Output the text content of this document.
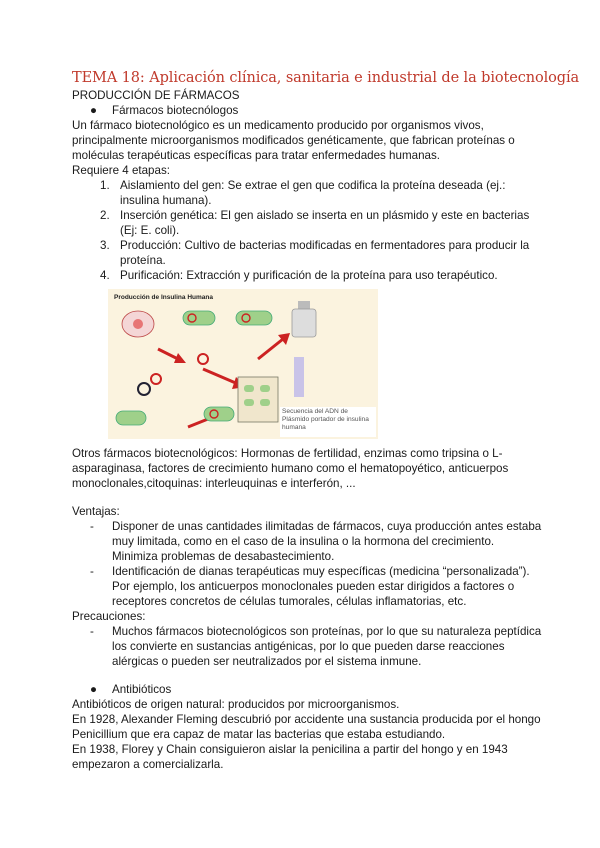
TEMA 18: Aplicación clínica, sanitaria e industrial de la biotecnología
PRODUCCIÓN DE FÁRMACOS
●	Fármacos biotecnólogos
Un fármaco biotecnológico es un medicamento producido por organismos vivos, principalmente microorganismos modificados genéticamente, que fabrican proteínas o moléculas terapéuticas específicas para tratar enfermedades humanas.
Requiere 4 etapas:
1. Aislamiento del gen: Se extrae el gen que codifica la proteína deseada (ej.: insulina humana).
2. Inserción genética: El gen aislado se inserta en un plásmido y este en bacterias (Ej: E. coli).
3. Producción: Cultivo de bacterias modificadas en fermentadores para producir la proteína.
4. Purificación: Extracción y purificación de la proteína para uso terapéutico.
Producción de Insulina Humana
Secuencia del ADN de Plásmido portador de insulina humana
Otros fármacos biotecnológicos: Hormonas de fertilidad, enzimas como tripsina o L-asparaginasa, factores de crecimiento humano como el hematopoyético, anticuerpos monoclonales,citoquinas: interleuquinas e interferón, ...
Ventajas:
-	Disponer de unas cantidades ilimitadas de fármacos, cuya producción antes estaba muy limitada, como en el caso de la insulina o la hormona del crecimiento. Minimiza problemas de desabastecimiento.
-	Identificación de dianas terapéuticas muy específicas (medicina “personalizada”). Por ejemplo, los anticuerpos monoclonales pueden estar dirigidos a factores o receptores concretos de células tumorales, células inflamatorias, etc.
Precauciones:
-	Muchos fármacos biotecnológicos son proteínas, por lo que su naturaleza peptídica los convierte en sustancias antigénicas, por lo que pueden darse reacciones alérgicas o pueden ser neutralizados por el sistema inmune.
●	Antibióticos
Antibióticos de origen natural: producidos por microorganismos.
En 1928, Alexander Fleming descubrió por accidente una sustancia producida por el hongo Penicillium que era capaz de matar las bacterias que estaba estudiando.
En 1938, Florey y Chain consiguieron aislar la penicilina a partir del hongo y en 1943 empezaron a comercializarla.
